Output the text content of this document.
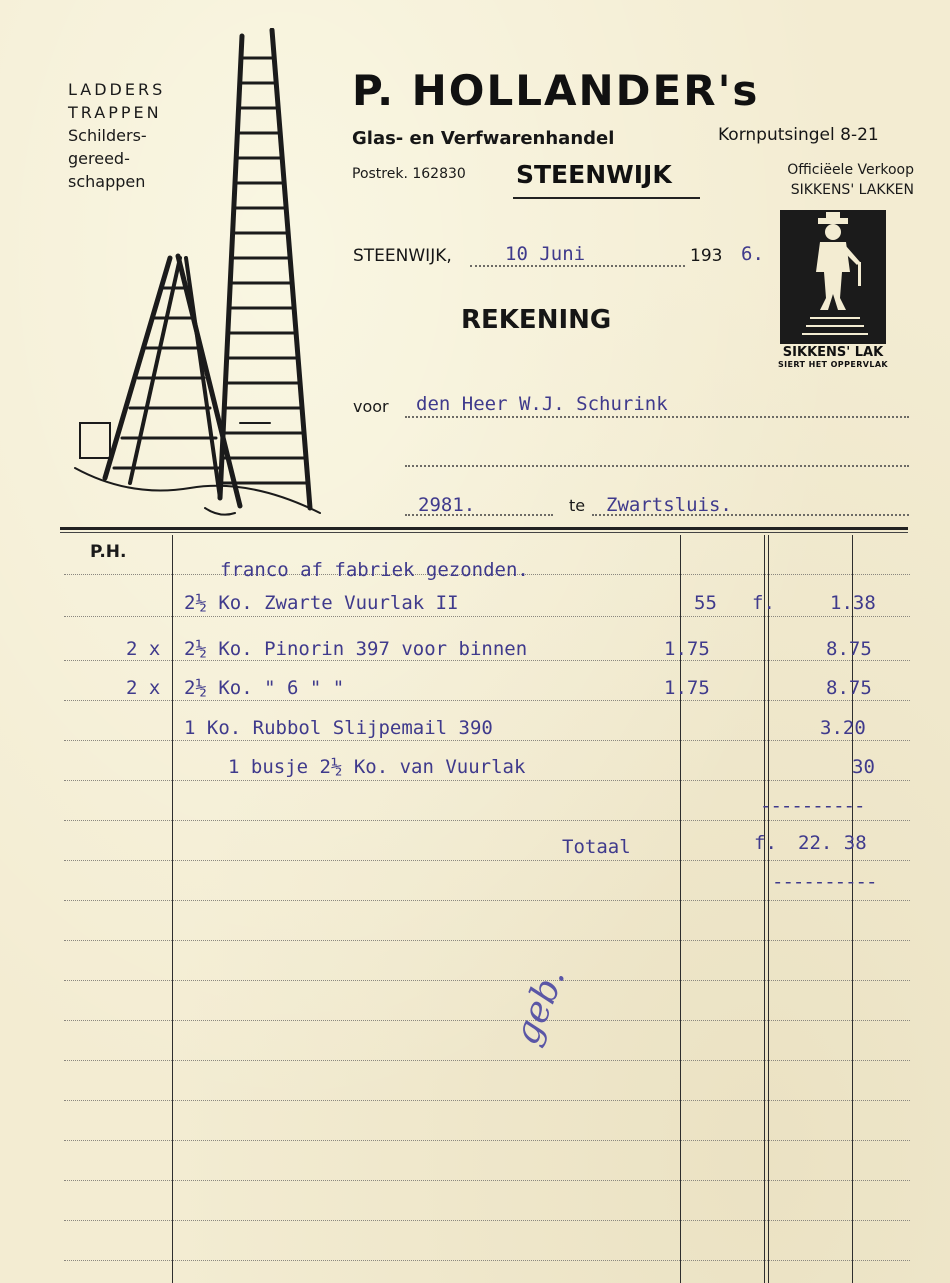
LADDERS
TRAPPEN
Schilders-
gereed-
schappen
P. HOLLANDER's
Glas- en Verfwarenhandel	Kornputsingel 8-21
Postrek. 162830 STEENWIJK	Officiëele Verkoop
SIKKENS' LAKKEN
SIKKENS' LAK
SIERT HET OPPERVLAK
STEENWIJK,	10 Juni	193 6.
REKENING
voor den Heer W.J. Schurink
2981.	te Zwartsluis.
P.H.
franco af fabriek gezonden.
2½ Ko. Zwarte Vuurlak II	55 f.	1.38
2 x 2½ Ko. Pinorin 397 voor binnen	1.75	8.75
2 x 2½ Ko. " 6 " "	1.75	8.75
1 Ko. Rubbol Slijpemail 390	3.20
1 busje 2½ Ko. van Vuurlak	30
----------
Totaal	f. 22. 38
----------
geb.
